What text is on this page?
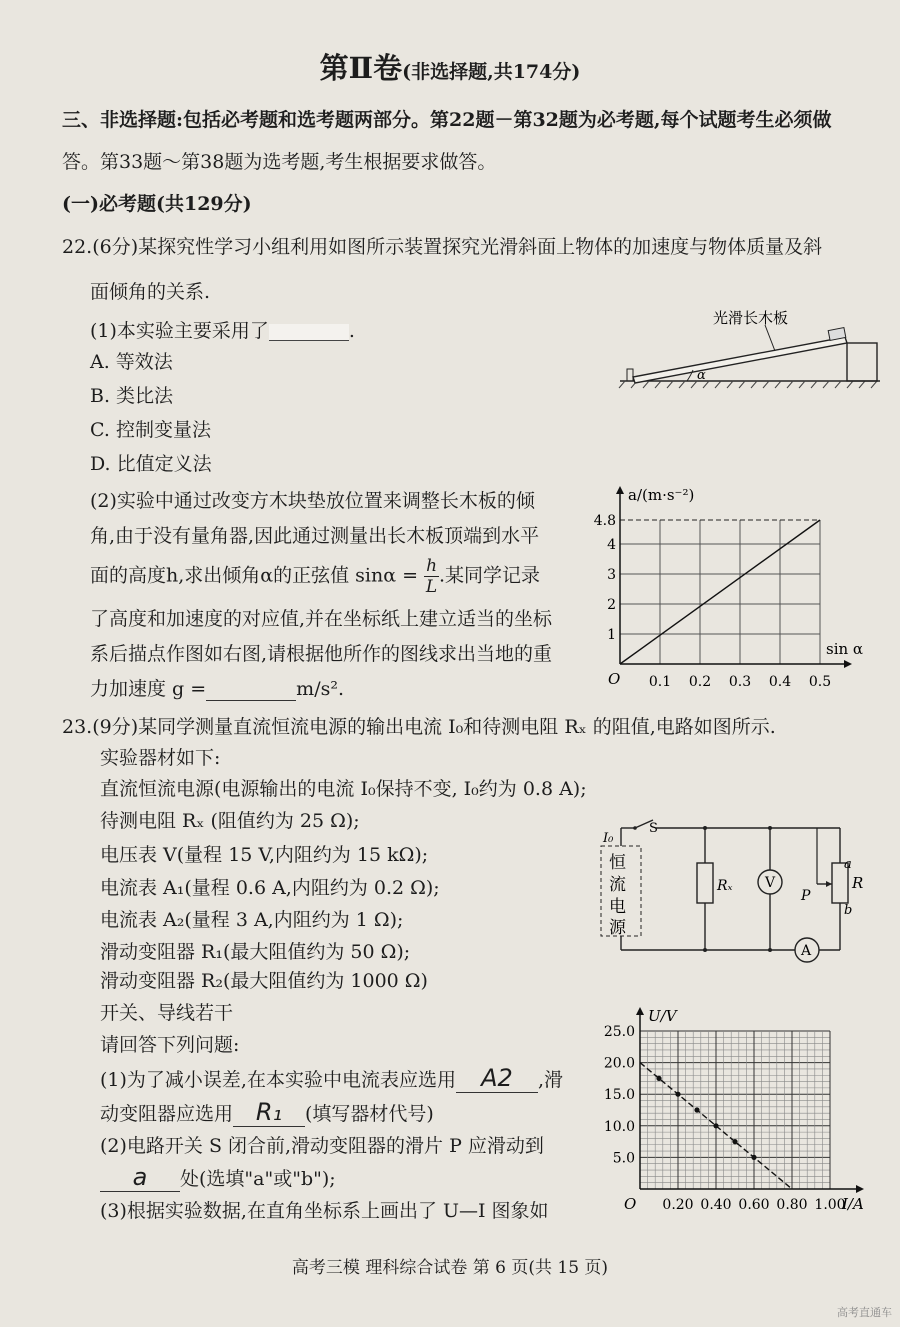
第Ⅱ卷(非选择题,共174分)
三、非选择题:包括必考题和选考题两部分。第22题－第32题为必考题,每个试题考生必须做
答。第33题～第38题为选考题,考生根据要求做答。
(一)必考题(共129分)
22.(6分)某探究性学习小组利用如图所示装置探究光滑斜面上物体的加速度与物体质量及斜
面倾角的关系.
(1)本实验主要采用了	.
A. 等效法
B. 类比法
C. 控制变量法
D. 比值定义法
(2)实验中通过改变方木块垫放位置来调整长木板的倾
角,由于没有量角器,因此通过测量出长木板顶端到水平
面的高度h,求出倾角α的正弦值 $\sin\alpha = \frac{h}{L}$ .某同学记录
了高度和加速度的对应值,并在坐标纸上建立适当的坐标
系后描点作图如右图,请根据他所作的图线求出当地的重
力加速度 g =	m/s².
α
光滑长木板
1
2
3
4
4.8
0.1 0.2 0.3 0.4 0.5
O
a/(m·s⁻²)
sin α
23.(9分)某同学测量直流恒流电源的输出电流 I₀和待测电阻 Rₓ 的阻值,电路如图所示.
实验器材如下:
直流恒流电源(电源输出的电流 I₀保持不变, I₀约为 0.8 A);
待测电阻 Rₓ (阻值约为 25 Ω);
电压表 V(量程 15 V,内阻约为 15 kΩ);
电流表 A₁(量程 0.6 A,内阻约为 0.2 Ω);
电流表 A₂(量程 3 A,内阻约为 1 Ω);
滑动变阻器 R₁(最大阻值约为 50 Ω);
滑动变阻器 R₂(最大阻值约为 1000 Ω)
开关、导线若干
请回答下列问题:
(1)为了减小误差,在本实验中电流表应选用 A2 ,滑
动变阻器应选用 R₁ (填写器材代号)
(2)电路开关 S 闭合前,滑动变阻器的滑片 P 应滑动到
a 处(选填"a"或"b");
(3)根据实验数据,在直角坐标系上画出了 U—I 图象如
恒
流
电
源
I₀
S
A
Rₓ V
P
a
R
b
5.0
10.0
15.0
20.0
25.0
0.20 0.40 0.60 0.80 1.00
O
U/V
I/A
高考三模 理科综合试卷 第 6 页(共 15 页)
高考直通车
